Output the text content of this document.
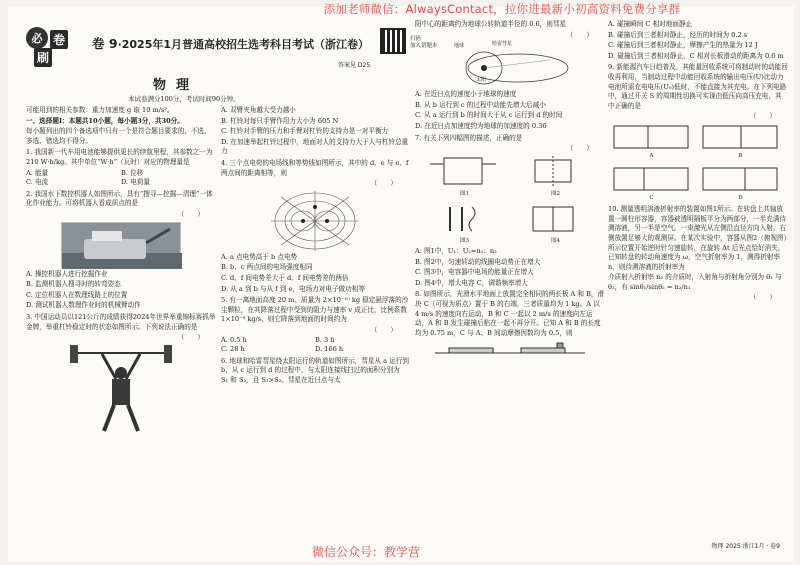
必 卷
刷
卷 9·2025年1月普通高校招生选考科目考试（浙江卷）	扫码
加入错题本
答案见 D25
物理
本试卷满分100分，考试时间90分钟。

可能用到的相关参数：重力加速度 g 取 10 m/s²。

一、选择题Ⅰ：本题共10小题，每小题3分，共30分。

每小题列出的四个备选项中只有一个是符合题目要求的，不选、多选、错选均不得分。

1. 我国新一代车用电池能够提供更长的续航里程，其参数之一为 210 W·h/kg。其中单位“W·h”（瓦时）对应的物理量是

A. 能量	B. 位移
C. 电流	D. 电荷量

2. 我国水下数控机器人如图所示，具有“搜寻—挖掘—清理”一体化作业能力。可将机器人看成质点的是

（　　）

A. 操控机器人进行挖掘作业

B. 监测机器人搜寻时的转弯姿态

C. 定位机器人在数理线路上的位置

D. 测试机器人数理作业时的机械臂动作

3. 中国运动员以121公斤的成绩获得2024年世界举重锦标赛抓举金牌，举重杠铃稳定时的状态如图所示。下列说法正确的是

（　　）

A. 双臂夹角越大受力越小

B. 杠铃对每只手臂作用力大小为 605 N

C. 杠铃对手臂的压力和手臂对杠铃的支持力是一对平衡力

D. 在加速举起杠铃过程中，地面对人的支持力大于人与杠铃总重力

4. 三个点电荷的电场线和等势线如图所示，其中的 d、e 与 e、f 两点间的距离相等，则

（　　）

A. a 点电势高于 b 点电势

B. b、c 两点间的电场强度相同

C. d、f 间电势差大于 d、f 间电势差的两倍

D. 从 a 到 b 与从 f 到 e，电场力对电子做功相等

5. 有一离地面高度 20 m、质量为 2×10⁻¹⁰ kg 稳定悬浮落的沙尘颗粒，在其降落过程中受到的阻力与速率 v 成正比，比例系数 1×10⁻⁹ kg/s，则它降落到地面的时间约为

（　　）
A. 0.5 h	B. 3 h
C. 28 h	D. 166 h

6. 地球和哈雷彗星绕太阳运行的轨道如图所示，彗星从 a 运行到 b，从 c 运行到 d 的过程中，与太阳连接线扫过的面积分别为 S₁ 和 S₂，且 S₁>S₂。彗星在近日点与太

阳中心的距离约为地球公转轨道半径的 0.6，则彗星

（　　）
地球	哈雷彗星
太阳

A. 在近日点的速度小于地球的速度

B. 从 b 运行到 c 的过程中动能先增大后减小

C. 从 a 运行到 b 的时间大于从 c 运行到 d 的时间

D. 在近日点加速度约为地球的加速度的 0.36

7. 有关下列四幅图的描述，正确的是

（　　）
图1	图2
图3	图4

A. 图1中，U₁：U₂=n₁：n₂

B. 图2中，匀速转动的线圈电动势正在增大

C. 图3中，电容器中电场的能量正在增大

D. 图4中，增大电容 C，调谐频率增大

8. 如图所示，光滑水平地面上放置完全相同的两长板 A 和 B，滑块 C（可视为质点）置于 B 的右端，三者质量均为 1 kg。A 以 4 m/s 的速度向右运动，B 和 C 一起以 2 m/s 的速度向左运动，A 和 B 发生碰撞后粘在一起不再分开。已知 A 和 B 的长度均为 0.75 m，C 与 A、B 间动摩擦因数均为 0.5，则

A. 碰撞瞬间 C 相对地面静止

B. 碰撞后到三者相对静止，经历的时间为 0.2 s

C. 碰撞后到三者相对静止，摩擦产生的热量为 12 J

D. 碰撞后到三者相对静止，C 相对长板滑动的距离为 0.6 m

9. 新能源汽车日趋普及，其能量回收系统可将制动时的动能回收再利用，当制动过程中动能回收系统的输出电压(U)比动力电池所需充电电压(U₀)低时，不能直接为其充电。在下列电路中，通过开关 S 的周期性切换可实现由低压向高压充电，其中正确的是

（　　）
A	B
C	D

10. 测量透明溶液折射率的装置如图1所示。在转盘上共轴放置一圆柱形容器，容器被透明隔板平分为两部分，一半充满待测溶液，另一半是空气。一束激光从左侧沿直径方向入射，右侧放置足够大的观测屏。在某次实验中，容器从图2（俯视图）所示位置开始逆时针匀速旋转，在旋转 Δt 后光点恰好消失，已知转盘的转动角速度为 ω，空气折射率为 1，测得折射率 n，则待测溶液的折射率为

介质射入折射率 n₂ 的介质时，入射角与折射角分别为 θ₁ 与 θ₂，有 sinθ₁/sinθ₂ = n₂/n₁

（　　）
物理 2025 浙江1月 · 卷9
添加老师微信：AlwaysContact，拉你进最新小初高资料免费分享群
微信公众号：教学营
